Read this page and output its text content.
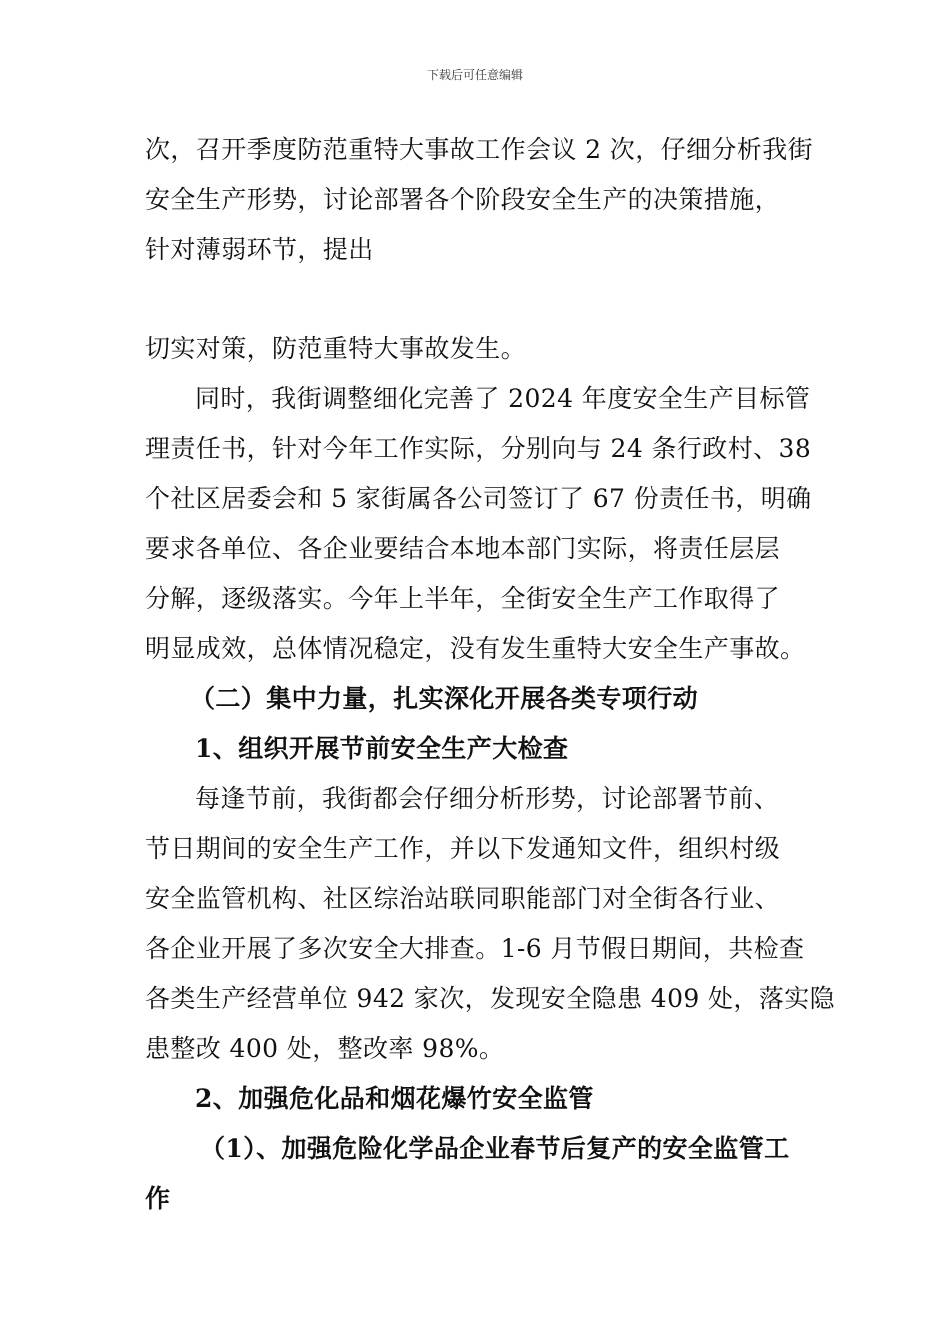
下载后可任意编辑
次，召开季度防范重特大事故工作会议 2 次，仔细分析我街
安全生产形势，讨论部署各个阶段安全生产的决策措施，
针对薄弱环节，提出
切实对策，防范重特大事故发生。
同时，我街调整细化完善了 2024 年度安全生产目标管
理责任书，针对今年工作实际，分别向与 24 条行政村、38
个社区居委会和 5 家街属各公司签订了 67 份责任书，明确
要求各单位、各企业要结合本地本部门实际，将责任层层
分解，逐级落实。今年上半年，全街安全生产工作取得了
明显成效，总体情况稳定，没有发生重特大安全生产事故。
（二）集中力量，扎实深化开展各类专项行动
1、组织开展节前安全生产大检查
每逢节前，我街都会仔细分析形势，讨论部署节前、
节日期间的安全生产工作，并以下发通知文件，组织村级
安全监管机构、社区综治站联同职能部门对全街各行业、
各企业开展了多次安全大排查。1-6 月节假日期间，共检查
各类生产经营单位 942 家次，发现安全隐患 409 处，落实隐
患整改 400 处，整改率 98%。
2、加强危化品和烟花爆竹安全监管
（1）、加强危险化学品企业春节后复产的安全监管工
作
